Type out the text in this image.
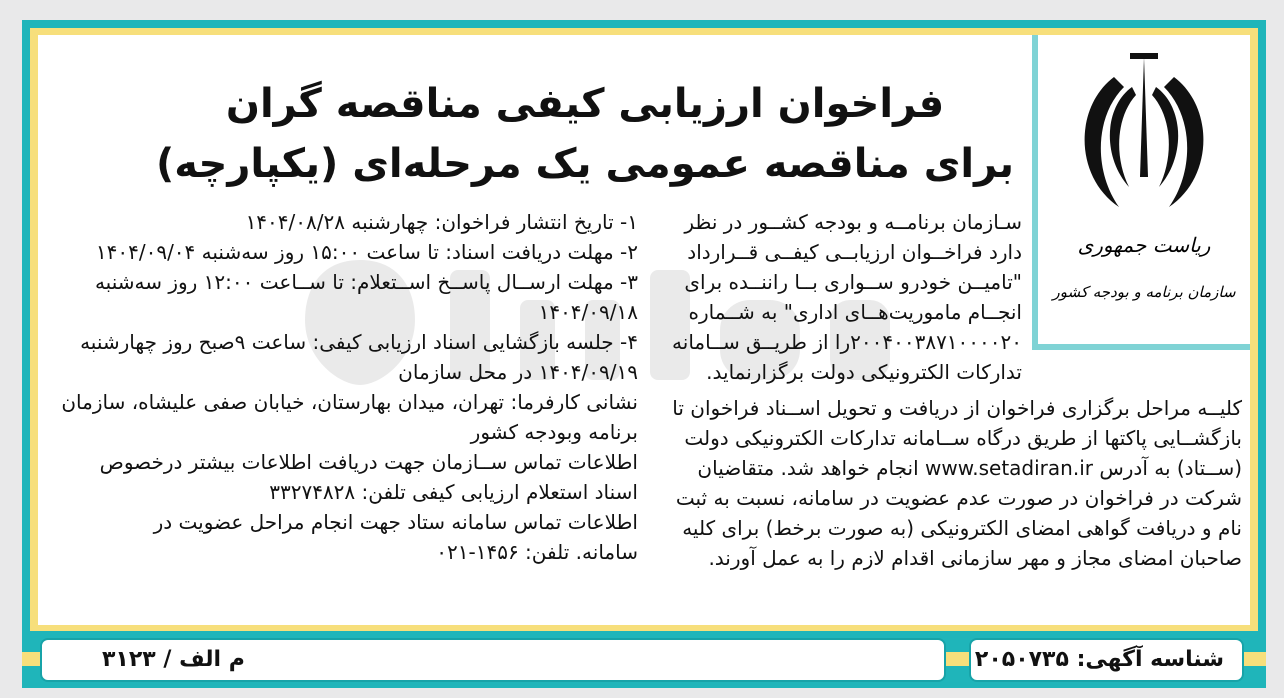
ریاست جمهوری
سازمان برنامه و بودجه کشور
فراخوان ارزیابی کیفی مناقصه گران
برای مناقصه عمومی یک مرحله‌ای (یکپارچه)
سـازمان برنامــه و بودجه کشــور در نظر
دارد فراخــوان ارزیابــی کیفــی قــرارداد
"تامیــن خودرو ســواری بــا راننــده برای
انجــام ماموریت‌هــای اداری" به شــماره
۲۰۰۴۰۰۳۸۷۱۰۰۰۰۲۰را از طریــق ســامانه
تدارکات الکترونیکی دولت برگزارنماید.
۱- تاریخ انتشار فراخوان: چهارشنبه ۱۴۰۴/۰۸/۲۸
۲- مهلت دریافت اسناد: تا ساعت ۱۵:۰۰ روز سه‌شنبه ۱۴۰۴/۰۹/۰۴
۳- مهلت ارســال پاســخ اســتعلام: تا ســاعت ۱۲:۰۰ روز سه‌شنبه
۱۴۰۴/۰۹/۱۸
۴- جلسه بازگشایی اسناد ارزیابی کیفی: ساعت ۹صبح روز چهارشنبه
۱۴۰۴/۰۹/۱۹ در محل سازمان
نشانی کارفرما: تهران، میدان بهارستان، خیابان صفی علیشاه، سازمان
برنامه وبودجه کشور
اطلاعات تماس ســازمان جهت دریافت اطلاعات بیشتر درخصوص
اسناد استعلام ارزیابی کیفی تلفن: ۳۳۲۷۴۸۲۸
اطلاعات تماس سامانه ستاد جهت انجام مراحل عضویت در
سامانه. تلفن: ۱۴۵۶-۰۲۱
کلیــه مراحل برگزاری فراخوان از دریافت و تحویل اســناد فراخوان تا
بازگشــایی پاکتها از طریق درگاه ســامانه تدارکات الکترونیکی دولت
(ســتاد) به آدرس www.setadiran.ir انجام خواهد شد. متقاضیان
شرکت در فراخوان در صورت عدم عضویت در سامانه، نسبت به ثبت
نام و دریافت گواهی امضای الکترونیکی (به صورت برخط) برای کلیه
صاحبان امضای مجاز و مهر سازمانی اقدام لازم را به عمل آورند.
شناسه آگهی: ۲۰۵۰۷۳۵
م الف / ۳۱۲۳
